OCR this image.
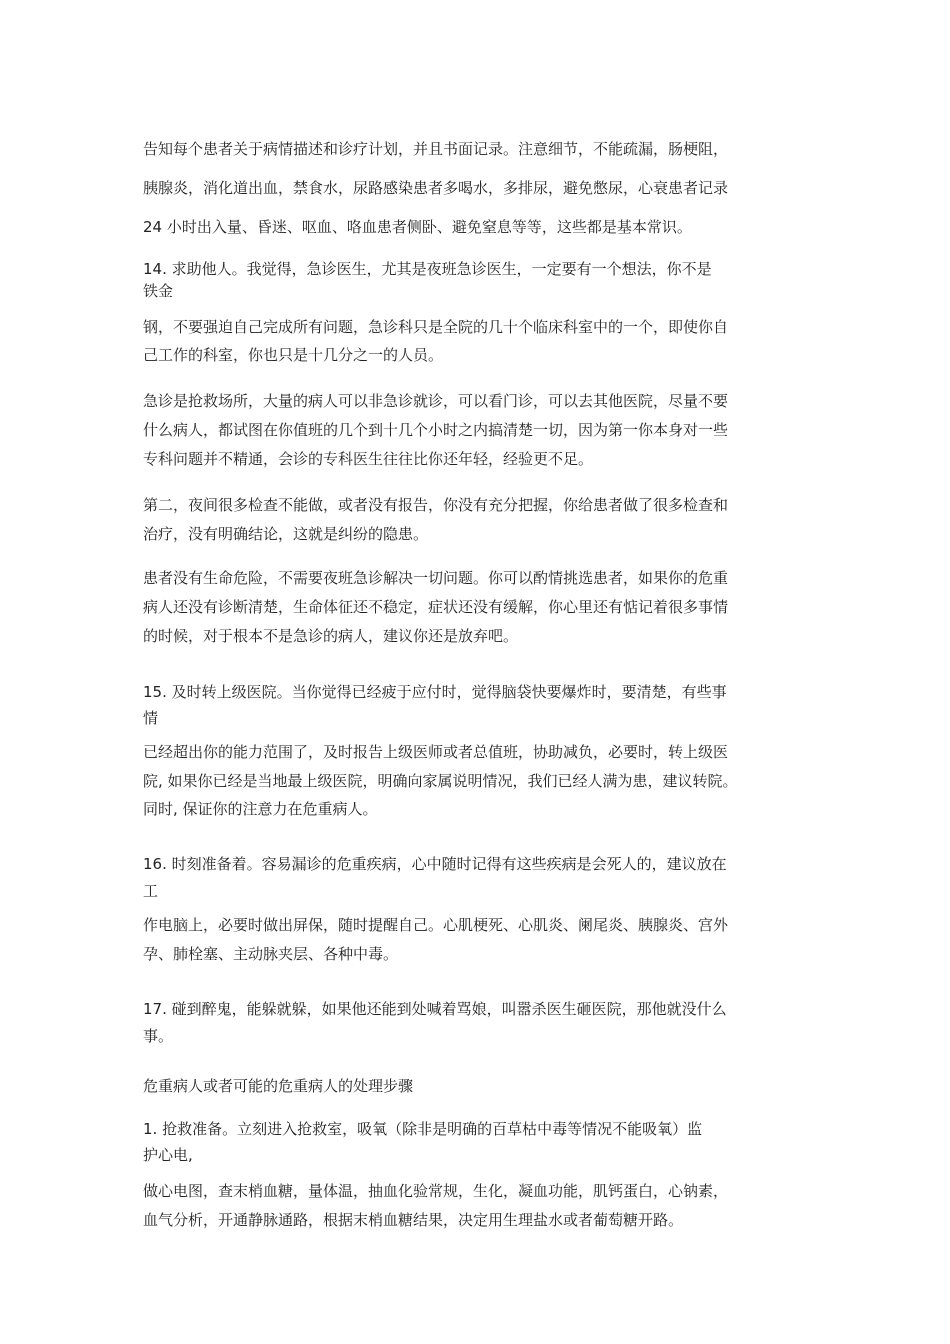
告知每个患者关于病情描述和诊疗计划，并且书面记录。注意细节，不能疏漏，肠梗阻，
胰腺炎，消化道出血，禁食水，尿路感染患者多喝水，多排尿，避免憋尿，心衰患者记录
24 小时出入量、昏迷、呕血、咯血患者侧卧、避免窒息等等，这些都是基本常识。
14. 求助他人。我觉得，急诊医生，尤其是夜班急诊医生，一定要有一个想法，你不是
铁金
钢，不要强迫自己完成所有问题，急诊科只是全院的几十个临床科室中的一个，即使你自
己工作的科室，你也只是十几分之一的人员。
急诊是抢救场所，大量的病人可以非急诊就诊，可以看门诊，可以去其他医院，尽量不要
什么病人，都试图在你值班的几个到十几个小时之内搞清楚一切，因为第一你本身对一些
专科问题并不精通，会诊的专科医生往往比你还年轻，经验更不足。
第二，夜间很多检查不能做，或者没有报告，你没有充分把握，你给患者做了很多检查和
治疗，没有明确结论，这就是纠纷的隐患。
患者没有生命危险，不需要夜班急诊解决一切问题。你可以酌情挑选患者，如果你的危重
病人还没有诊断清楚，生命体征还不稳定，症状还没有缓解，你心里还有惦记着很多事情
的时候，对于根本不是急诊的病人，建议你还是放弃吧。
15. 及时转上级医院。当你觉得已经疲于应付时，觉得脑袋快要爆炸时，要清楚，有些事
情
已经超出你的能力范围了，及时报告上级医师或者总值班，协助减负，必要时，转上级医
院, 如果你已经是当地最上级医院，明确向家属说明情况，我们已经人满为患，建议转院。
同时, 保证你的注意力在危重病人。
16. 时刻准备着。容易漏诊的危重疾病，心中随时记得有这些疾病是会死人的，建议放在
工
作电脑上，必要时做出屏保，随时提醒自己。心肌梗死、心肌炎、阑尾炎、胰腺炎、宫外
孕、肺栓塞、主动脉夹层、各种中毒。
17. 碰到醉鬼，能躲就躲，如果他还能到处喊着骂娘，叫嚣杀医生砸医院，那他就没什么
事。
危重病人或者可能的危重病人的处理步骤
1. 抢救准备。立刻进入抢救室，吸氧（除非是明确的百草枯中毒等情况不能吸氧）监
护心电,
做心电图，查末梢血糖，量体温，抽血化验常规，生化，凝血功能，肌钙蛋白，心钠素，
血气分析，开通静脉通路，根据末梢血糖结果，决定用生理盐水或者葡萄糖开路。
